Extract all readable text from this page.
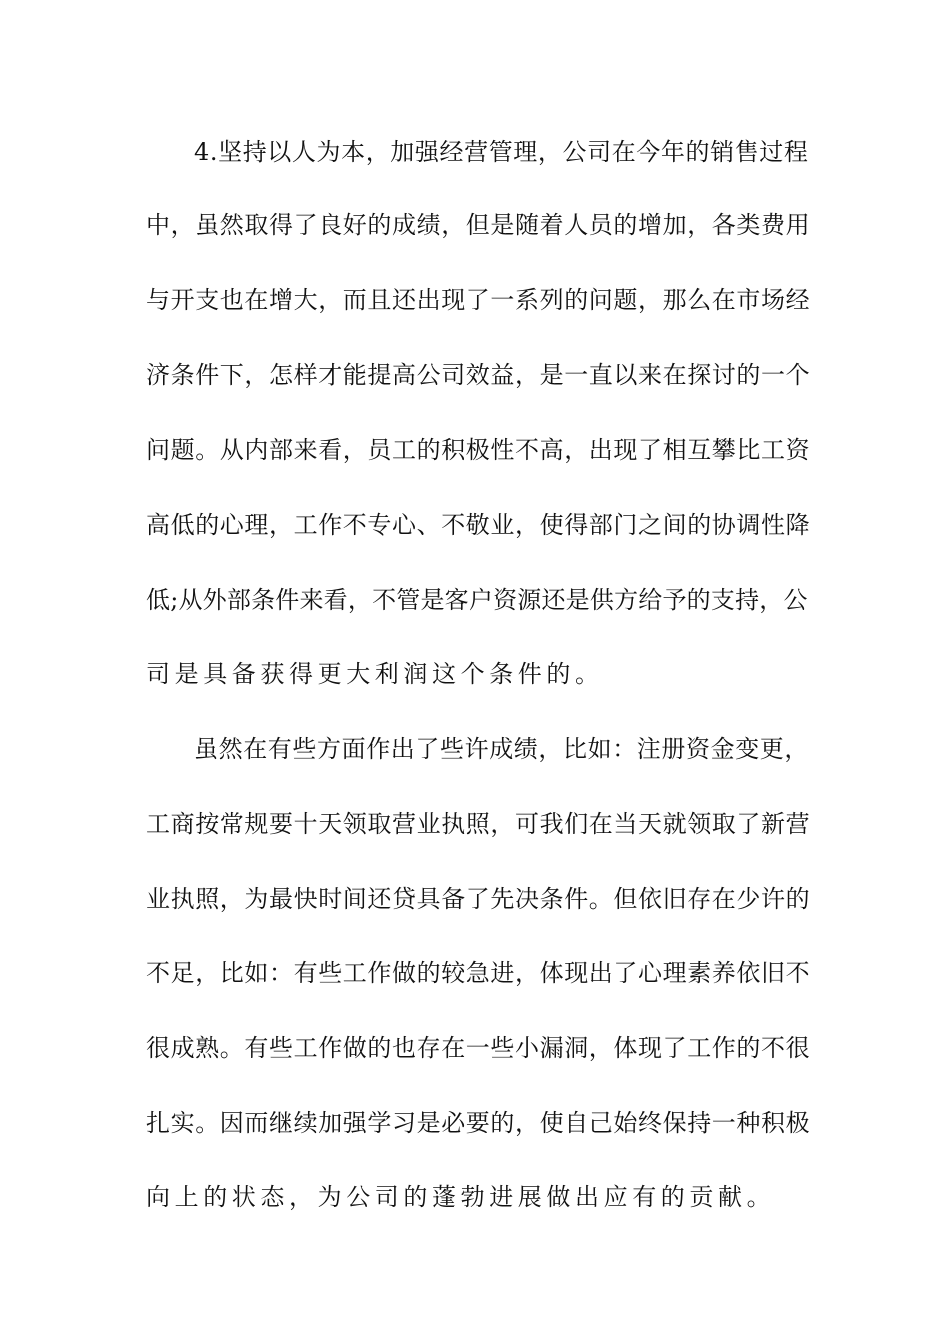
4.坚持以人为本，加强经营管理，公司在今年的销售过程

中，虽然取得了良好的成绩，但是随着人员的增加，各类费用

与开支也在增大，而且还出现了一系列的问题，那么在市场经

济条件下，怎样才能提高公司效益，是一直以来在探讨的一个

问题。从内部来看，员工的积极性不高，出现了相互攀比工资

高低的心理，工作不专心、不敬业，使得部门之间的协调性降

低;从外部条件来看，不管是客户资源还是供方给予的支持，公

司是具备获得更大利润这个条件的。

虽然在有些方面作出了些许成绩，比如：注册资金变更，

工商按常规要十天领取营业执照，可我们在当天就领取了新营

业执照，为最快时间还贷具备了先决条件。但依旧存在少许的

不足，比如：有些工作做的较急进，体现出了心理素养依旧不

很成熟。有些工作做的也存在一些小漏洞，体现了工作的不很

扎实。因而继续加强学习是必要的，使自己始终保持一种积极

向上的状态，为公司的蓬勃进展做出应有的贡献。
